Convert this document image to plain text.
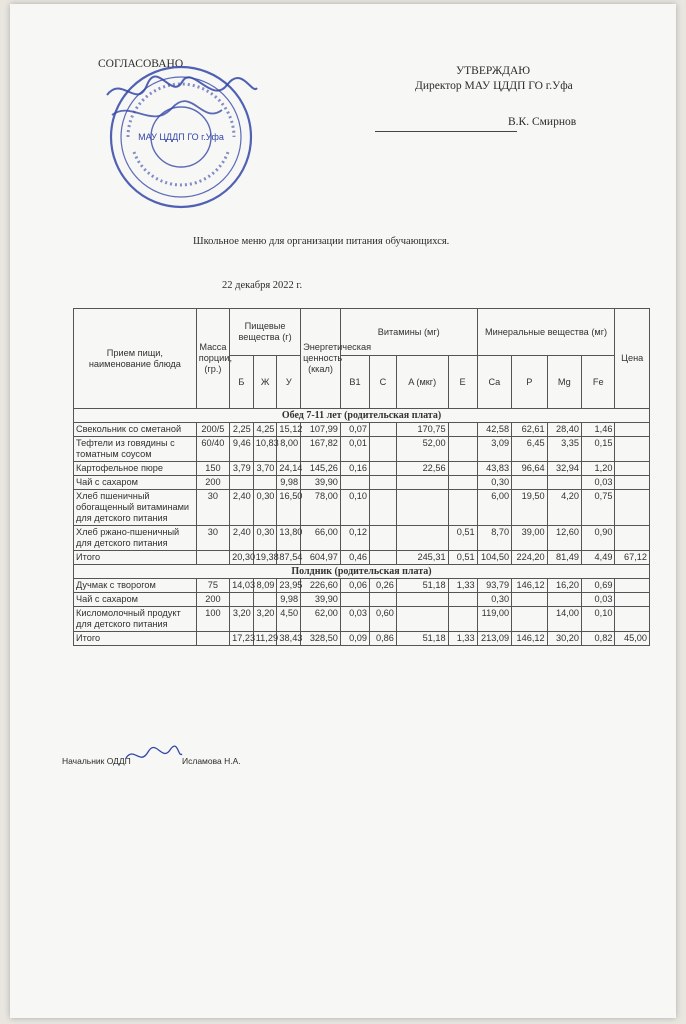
СОГЛАСОВАНО
УТВЕРЖДАЮ
Директор МАУ ЦДДП ГО г.Уфа
В.К. Смирнов
МАУ ЦДДП ГО г.Уфа
Школьное меню для организации питания обучающихся.
22 декабря 2022 г.
Прием пищи, наименование блюда	Масса порции, (гр.)	Пищевые вещества (г)			Энергетическая ценность (ккал)	Витамины (мг)				Минеральные вещества (мг)				Цена
		Б	Ж	У		B1	C	A (мкг)	E	Ca	P	Mg	Fe	
Обед 7-11 лет (родительская плата)														
Свекольник со сметаной	200/5	2,25	4,25	15,12	107,99	0,07		170,75		42,58	62,61	28,40	1,46	
Тефтели из говядины с томатным соусом	60/40	9,46	10,83	8,00	167,82	0,01		52,00		3,09	6,45	3,35	0,15	
Картофельное пюре	150	3,79	3,70	24,14	145,26	0,16		22,56		43,83	96,64	32,94	1,20	
Чай с сахаром	200			9,98	39,90					0,30			0,03	
Хлеб пшеничный обогащенный витаминами для детского питания	30	2,40	0,30	16,50	78,00	0,10				6,00	19,50	4,20	0,75	
Хлеб ржано-пшеничный для детского питания	30	2,40	0,30	13,80	66,00	0,12			0,51	8,70	39,00	12,60	0,90	
Итого		20,30	19,38	87,54	604,97	0,46		245,31	0,51	104,50	224,20	81,49	4,49	67,12
Полдник (родительская плата)														
Дучмак с творогом	75	14,03	8,09	23,95	226,60	0,06	0,26	51,18	1,33	93,79	146,12	16,20	0,69	
Чай с сахаром	200			9,98	39,90					0,30			0,03	
Кисломолочный продукт для детского питания	100	3,20	3,20	4,50	62,00	0,03	0,60			119,00		14,00	0,10	
Итого		17,23	11,29	38,43	328,50	0,09	0,86	51,18	1,33	213,09	146,12	30,20	0,82	45,00
Начальник ОДДП	Исламова Н.А.
